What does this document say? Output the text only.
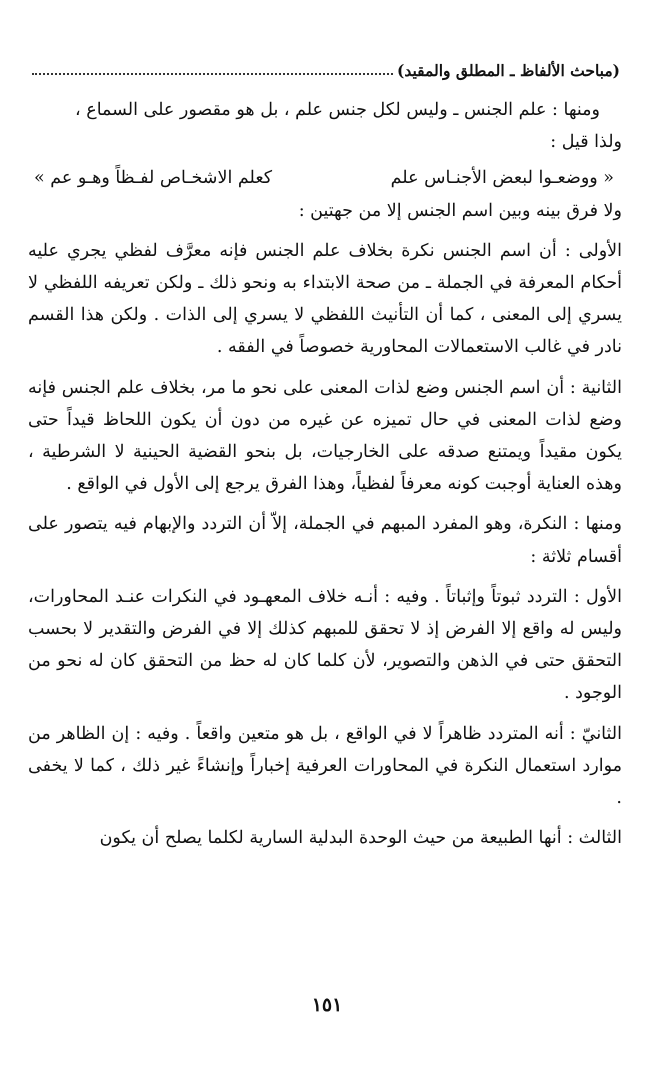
(مباحث الألفاظ ـ المطلق والمقيد)

ومنها : علم الجنس ـ وليس لكل جنس علم ، بل هو مقصور على السماع ،

ولذا قيل :

« ووضعـوا لبعض الأجنـاس علم
كعلم الاشخـاص لفـظاً وهـو عم »

ولا فرق بينه وبين اسم الجنس إلا من جهتين :

الأولى : أن اسم الجنس نكرة بخلاف علم الجنس فإنه معرَّف لفظي يجري عليه أحكام المعرفة في الجملة ـ من صحة الابتداء به ونحو ذلك ـ ولكن تعريفه اللفظي لا يسري إلى المعنى ، كما أن التأنيث اللفظي لا يسري إلى الذات . ولكن هذا القسم نادر في غالب الاستعمالات المحاورية خصوصاً في الفقه .

الثانية : أن اسم الجنس وضع لذات المعنى على نحو ما مر، بخلاف علم الجنس فإنه وضع لذات المعنى في حال تميزه عن غيره من دون أن يكون اللحاظ قيداً حتى يكون مقيداً ويمتنع صدقه على الخارجيات، بل بنحو القضية الحينية لا الشرطية ، وهذه العناية أوجبت كونه معرفاً لفظياً، وهذا الفرق يرجع إلى الأول في الواقع .

ومنها : النكرة، وهو المفرد المبهم في الجملة، إلاّ أن التردد والإبهام فيه يتصور على أقسام ثلاثة :

الأول : التردد ثبوتاً وإثباتاً . وفيه : أنـه خلاف المعهـود في النكرات عنـد المحاورات، وليس له واقع إلا الفرض إذ لا تحقق للمبهم كذلك إلا في الفرض والتقدير لا بحسب التحقق حتى في الذهن والتصوير، لأن كلما كان له حظ من التحقق كان له نحو من الوجود .

الثانيّ : أنه المتردد ظاهراً لا في الواقع ، بل هو متعين واقعاً . وفيه : إن الظاهر من موارد استعمال النكرة في المحاورات العرفية إخباراً وإنشاءً غير ذلك ، كما لا يخفى .

الثالث : أنها الطبيعة من حيث الوحدة البدلية السارية لكلما يصلح أن يكون

١٥١
